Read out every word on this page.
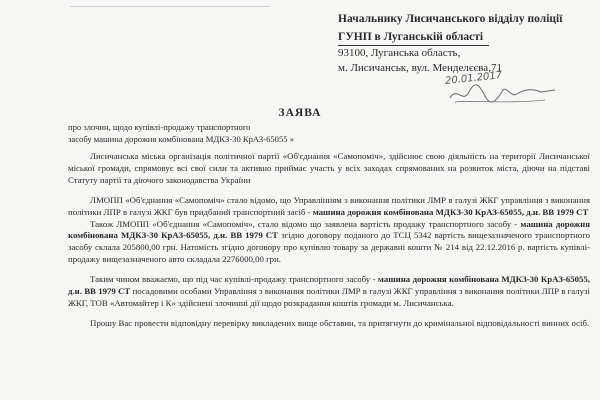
Начальнику Лисичанського відділу поліції
ГУНП в Луганській області
93100, Луганська область,
м. Лисичанськ, вул. Менделєєва,71
20.01.2017
ЗАЯВА
про злочин, щодо купівлі-продажу транспортного
засобу машина дорожня комбінована МДКЗ-30 КрАЗ-65055 »

Лисичанська міська організація політичної партії «Об'єднання «Самопоміч», здійснює свою діяльність на території Лисичанської міської громади, спрямовує всі свої сили та активно приймає участь у всіх заходах спрямованих на розвиток міста, діючи на підставі Статуту партії та діючого законодавства України

ЛМОПП «Об'єднання «Самопоміч» стало відомо, що Управлінням з виконання політики ЛМР в галузі ЖКГ управління з виконання політики ЛПР в галузі ЖКГ був придбаний транспортний засіб - машина дорожня комбінована МДКЗ-30 КрАЗ-65055, д.н. ВВ 1979 СТ

Також ЛМОПП «Об'єднання «Самопоміч», стало відомо що заявлена вартість продажу транспортного засобу - машина дорожня комбінована МДКЗ-30 КрАЗ-65055, д.н. ВВ 1979 СТ згідно договору поданого до ТСЦ 5342 вартість вищезазначеного транспортного засобу склала 205800,00 грн. Натомість згідно договору про купівлю товару за державні кошти № 214 від 22.12.2016 р. вартість купівлі-продажу вищезазначеного авто складала 2276000,00 грн.

Таким чином вважаємо, що під час купівлі-продажу транспортного засобу - машина дорожня комбінована МДКЗ-30 КрАЗ-65055, д.н. ВВ 1979 СТ посадовими особами Управління з виконання політики ЛМР в галузі ЖКГ управління з виконання політики ЛПР в галузі ЖКГ, ТОВ «Автомайтер і К» здійснені злочинні дії щодо розкрадання коштів громади м. Лисичанська.

Прошу Вас провести відповідну перевірку викладених вище обставин, та притягнути до кримінальної відповідальності винних осіб.
